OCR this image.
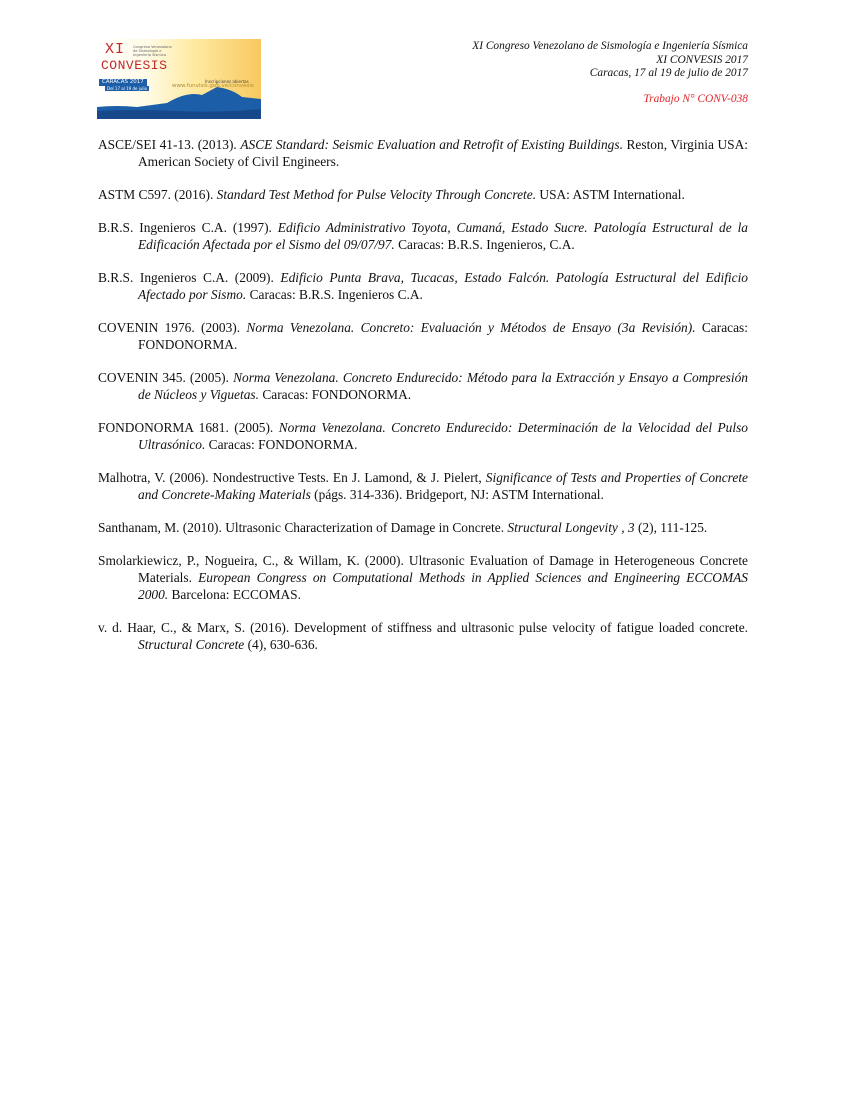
XI Congreso Venezolano de Sismología e Ingeniería Sísmica
CONVESIS
CARACAS 2017
Del 17 al 19 de julio
Inscripciones abiertas
www.funvisis.gob.ve/convesis
XI Congreso Venezolano de Sismología e Ingeniería Sísmica
XI CONVESIS 2017
Caracas, 17 al 19 de julio de 2017
Trabajo N° CONV-038

ASCE/SEI 41-13. (2013). ASCE Standard: Seismic Evaluation and Retrofit of Existing Buildings. Reston, Virginia USA: American Society of Civil Engineers.

ASTM C597. (2016). Standard Test Method for Pulse Velocity Through Concrete. USA: ASTM International.

B.R.S. Ingenieros C.A. (1997). Edificio Administrativo Toyota, Cumaná, Estado Sucre. Patología Estructural de la Edificación Afectada por el Sismo del 09/07/97. Caracas: B.R.S. Ingenieros, C.A.

B.R.S. Ingenieros C.A. (2009). Edificio Punta Brava, Tucacas, Estado Falcón. Patología Estructural del Edificio Afectado por Sismo. Caracas: B.R.S. Ingenieros C.A.

COVENIN 1976. (2003). Norma Venezolana. Concreto: Evaluación y Métodos de Ensayo (3a Revisión). Caracas: FONDONORMA.

COVENIN 345. (2005). Norma Venezolana. Concreto Endurecido: Método para la Extracción y Ensayo a Compresión de Núcleos y Viguetas. Caracas: FONDONORMA.

FONDONORMA 1681. (2005). Norma Venezolana. Concreto Endurecido: Determinación de la Velocidad del Pulso Ultrasónico. Caracas: FONDONORMA.

Malhotra, V. (2006). Nondestructive Tests. En J. Lamond, & J. Pielert, Significance of Tests and Properties of Concrete and Concrete-Making Materials (págs. 314-336). Bridgeport, NJ: ASTM International.

Santhanam, M. (2010). Ultrasonic Characterization of Damage in Concrete. Structural Longevity , 3 (2), 111-125.

Smolarkiewicz, P., Nogueira, C., & Willam, K. (2000). Ultrasonic Evaluation of Damage in Heterogeneous Concrete Materials. European Congress on Computational Methods in Applied Sciences and Engineering ECCOMAS 2000. Barcelona: ECCOMAS.

v. d. Haar, C., & Marx, S. (2016). Development of stiffness and ultrasonic pulse velocity of fatigue loaded concrete. Structural Concrete (4), 630-636.
